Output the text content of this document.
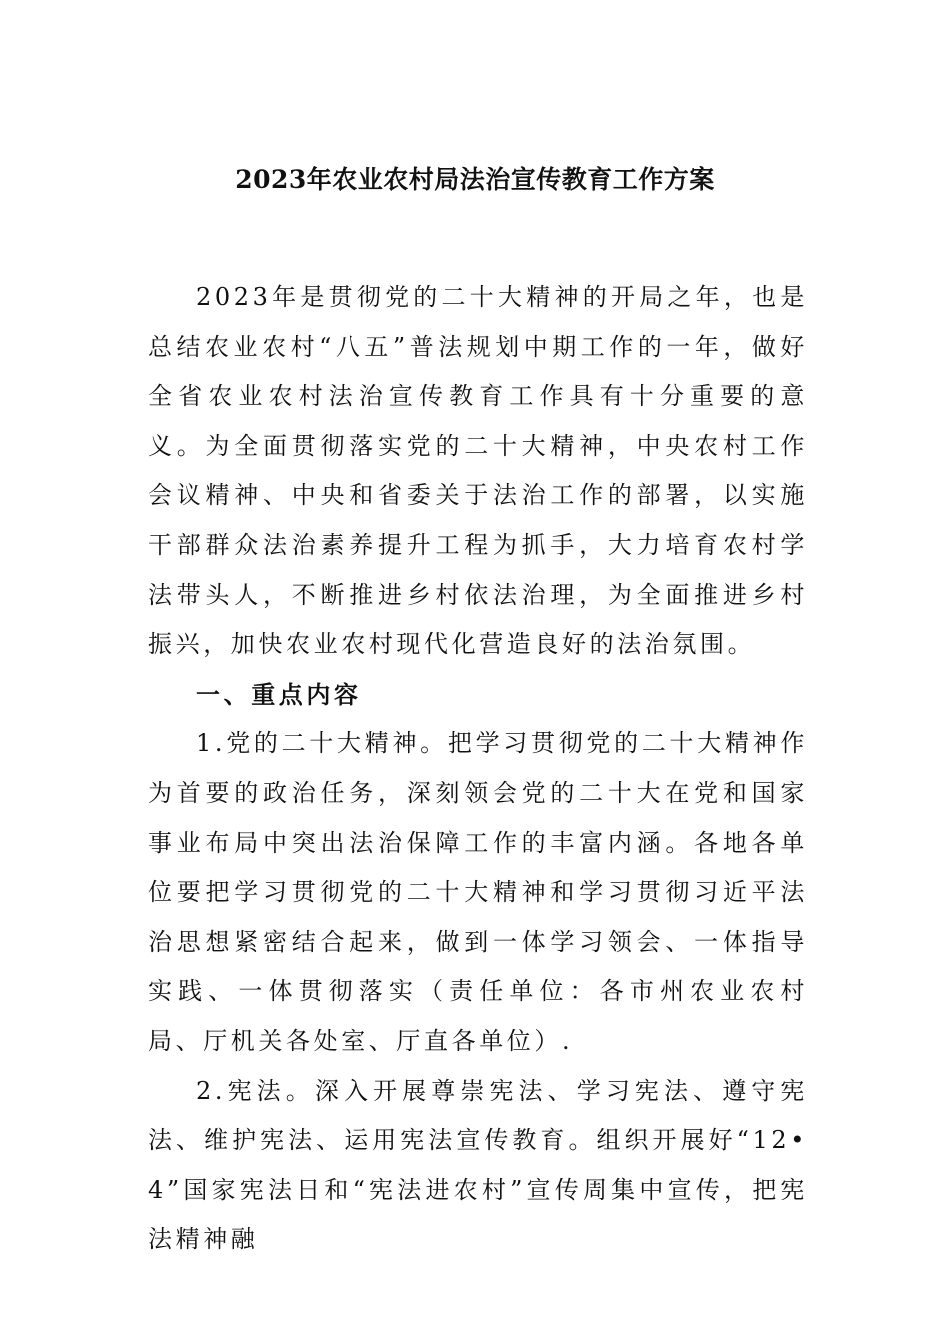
2023年农业农村局法治宣传教育工作方案

2023年是贯彻党的二十大精神的开局之年，也是总结农业农村“八五”普法规划中期工作的一年，做好全省农业农村法治宣传教育工作具有十分重要的意义。为全面贯彻落实党的二十大精神，中央农村工作会议精神、中央和省委关于法治工作的部署，以实施干部群众法治素养提升工程为抓手，大力培育农村学法带头人，不断推进乡村依法治理，为全面推进乡村振兴，加快农业农村现代化营造良好的法治氛围。

一、重点内容

1.党的二十大精神。把学习贯彻党的二十大精神作为首要的政治任务，深刻领会党的二十大在党和国家事业布局中突出法治保障工作的丰富内涵。各地各单位要把学习贯彻党的二十大精神和学习贯彻习近平法治思想紧密结合起来，做到一体学习领会、一体指导实践、一体贯彻落实（责任单位：各市州农业农村局、厅机关各处室、厅直各单位）.

2.宪法。深入开展尊崇宪法、学习宪法、遵守宪法、维护宪法、运用宪法宣传教育。组织开展好“12•4”国家宪法日和“宪法进农村”宣传周集中宣传，把宪法精神融
